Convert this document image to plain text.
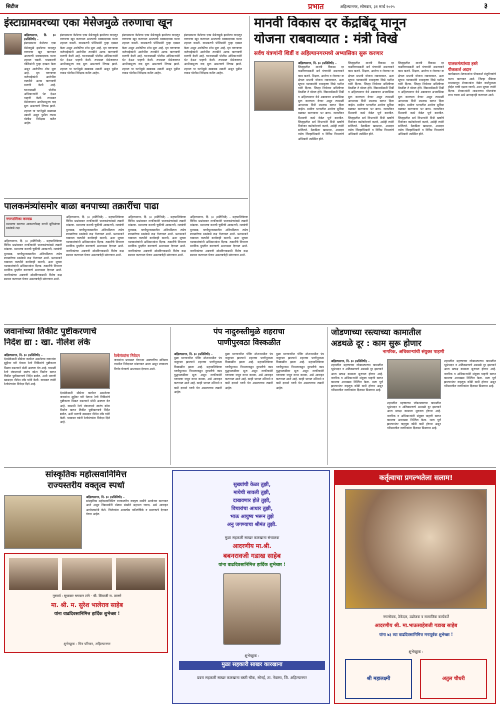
सिटीज	प्रभात	अहिल्यानगर, सोमवार, ३१ मार्च २०२५	३
इंस्टाग्रामवरच्या एका मेसेजमुळे तरुणाचा खून
अहिल्यानगर, दि. ३० (प्रतिनिधी) –
इंस्टाग्रामवर केलेल्या एका मेसेजमुळे झालेल्या वादातून तरुणाचा खून करण्यात आल्याची धक्कादायक घटना शहरात घडली. याप्रकरणी पोलिसांनी गुन्हा दाखल केला असून आरोपींचा शोध सुरू आहे. मृत तरुणाच्या नातेवाईकांनी आरोपींना तातडीने अटक करण्याची मागणी केली आहे. घटनास्थळी पोलीस अधिकाऱ्यांनी भेट देऊन पाहणी केली. तपासात मेसेजवरून आधीपासूनच वाद सुरू असल्याचे निष्पन्न झाले. शहरात या घटनेमुळे खळबळ उडाली असून पुढील तपास पोलीस निरीक्षक करीत आहेत.
इंस्टाग्रामवर केलेल्या एका मेसेजमुळे झालेल्या वादातून तरुणाचा खून करण्यात आल्याची धक्कादायक घटना शहरात घडली. याप्रकरणी पोलिसांनी गुन्हा दाखल केला असून आरोपींचा शोध सुरू आहे. मृत तरुणाच्या नातेवाईकांनी आरोपींना तातडीने अटक करण्याची मागणी केली आहे. घटनास्थळी पोलीस अधिकाऱ्यांनी भेट देऊन पाहणी केली. तपासात मेसेजवरून आधीपासूनच वाद सुरू असल्याचे निष्पन्न झाले. शहरात या घटनेमुळे खळबळ उडाली असून पुढील तपास पोलीस निरीक्षक करीत आहेत.
इंस्टाग्रामवर केलेल्या एका मेसेजमुळे झालेल्या वादातून तरुणाचा खून करण्यात आल्याची धक्कादायक घटना शहरात घडली. याप्रकरणी पोलिसांनी गुन्हा दाखल केला असून आरोपींचा शोध सुरू आहे. मृत तरुणाच्या नातेवाईकांनी आरोपींना तातडीने अटक करण्याची मागणी केली आहे. घटनास्थळी पोलीस अधिकाऱ्यांनी भेट देऊन पाहणी केली. तपासात मेसेजवरून आधीपासूनच वाद सुरू असल्याचे निष्पन्न झाले. शहरात या घटनेमुळे खळबळ उडाली असून पुढील तपास पोलीस निरीक्षक करीत आहेत.
इंस्टाग्रामवर केलेल्या एका मेसेजमुळे झालेल्या वादातून तरुणाचा खून करण्यात आल्याची धक्कादायक घटना शहरात घडली. याप्रकरणी पोलिसांनी गुन्हा दाखल केला असून आरोपींचा शोध सुरू आहे. मृत तरुणाच्या नातेवाईकांनी आरोपींना तातडीने अटक करण्याची मागणी केली आहे. घटनास्थळी पोलीस अधिकाऱ्यांनी भेट देऊन पाहणी केली. तपासात मेसेजवरून आधीपासूनच वाद सुरू असल्याचे निष्पन्न झाले. शहरात या घटनेमुळे खळबळ उडाली असून पुढील तपास पोलीस निरीक्षक करीत आहेत.
मानवी विकास दर केंद्रबिंदू मानून
योजना राबवाव्यात : मंत्री विखे
सर्वच यंत्रणांनी शिर्डी व अहिल्यानगरमध्ये अभ्यासिका सुरू करणार
अहिल्यानगर, दि. ३० (प्रतिनिधी) –
जिल्ह्यातील मानवी विकास दर वाढविण्यासाठी सर्व यंत्रणांनी समन्वयाने काम करावे. शिक्षण, आरोग्य व रोजगार या क्षेत्रात प्रभावी योजना राबवाव्यात, अशा सूचना पालकमंत्री राधाकृष्ण विखे पाटील यांनी दिल्या. जिल्हा नियोजन समितीच्या बैठकीत ते बोलत होते. विद्यार्थ्यांसाठी शिर्डी व अहिल्यानगर येथे अद्ययावत अभ्यासिका सुरू करण्यात येणार असून त्यासाठी आवश्यक निधी उपलब्ध करून दिला जाईल. ग्रामीण भागातील आरोग्य सुविधा बळकट करण्यावर भर द्यावा. जलजीवन मिशनची कामे वेळेत पूर्ण करावीत. जिल्ह्यातील सर्व विभागांनी निधी खर्चाचे नियोजन काटेकोरपणे करावे, असेही त्यांनी सांगितले. बैठकीला खासदार, आमदार तसेच जिल्हाधिकारी व विविध विभागांचे अधिकारी उपस्थित होते.
जिल्ह्यातील मानवी विकास दर वाढविण्यासाठी सर्व यंत्रणांनी समन्वयाने काम करावे. शिक्षण, आरोग्य व रोजगार या क्षेत्रात प्रभावी योजना राबवाव्यात, अशा सूचना पालकमंत्री राधाकृष्ण विखे पाटील यांनी दिल्या. जिल्हा नियोजन समितीच्या बैठकीत ते बोलत होते. विद्यार्थ्यांसाठी शिर्डी व अहिल्यानगर येथे अद्ययावत अभ्यासिका सुरू करण्यात येणार असून त्यासाठी आवश्यक निधी उपलब्ध करून दिला जाईल. ग्रामीण भागातील आरोग्य सुविधा बळकट करण्यावर भर द्यावा. जलजीवन मिशनची कामे वेळेत पूर्ण करावीत. जिल्ह्यातील सर्व विभागांनी निधी खर्चाचे नियोजन काटेकोरपणे करावे, असेही त्यांनी सांगितले. बैठकीला खासदार, आमदार तसेच जिल्हाधिकारी व विविध विभागांचे अधिकारी उपस्थित होते.
जिल्ह्यातील मानवी विकास दर वाढविण्यासाठी सर्व यंत्रणांनी समन्वयाने काम करावे. शिक्षण, आरोग्य व रोजगार या क्षेत्रात प्रभावी योजना राबवाव्यात, अशा सूचना पालकमंत्री राधाकृष्ण विखे पाटील यांनी दिल्या. जिल्हा नियोजन समितीच्या बैठकीत ते बोलत होते. विद्यार्थ्यांसाठी शिर्डी व अहिल्यानगर येथे अद्ययावत अभ्यासिका सुरू करण्यात येणार असून त्यासाठी आवश्यक निधी उपलब्ध करून दिला जाईल. ग्रामीण भागातील आरोग्य सुविधा बळकट करण्यावर भर द्यावा. जलजीवन मिशनची कामे वेळेत पूर्ण करावीत. जिल्ह्यातील सर्व विभागांनी निधी खर्चाचे नियोजन काटेकोरपणे करावे, असेही त्यांनी सांगितले. बैठकीला खासदार, आमदार तसेच जिल्हाधिकारी व विविध विभागांचे अधिकारी उपस्थित होते.
पालकमंत्र्यांच्या हस्ते
पीककर्ज अदान
कार्यक्रमात शेतकऱ्यांना पीककर्ज मंजुरीपत्रांचे वाटप करण्यात आले. जिल्हा बँकेच्या माध्यमातून शेतकऱ्यांना वेळेत कर्जपुरवठा होईल याची दक्षता घ्यावी, अशा सूचना त्यांनी दिल्या. शेतकऱ्यांनी शासनाच्या योजनांचा लाभ घ्यावा असे आवाहनही करण्यात आले.
पालकमंत्र्यांसमोर बाळा बनपाच्या तक्रारींचा पाढा
नगरपालिका करवाढ
मालमत्ता कराच्या आकारणीसह नागरी सुविधांच्या प्रश्नांकडे लक्ष
अहिल्यानगर, दि. ३० (प्रतिनिधी) – महापालिकेच्या विविध प्रश्नांबाबत नागरिकांनी पालकमंत्र्यांकडे तक्रारी मांडल्या. मालमत्ता कराची चुकीची आकारणी, रस्त्यांची दुरवस्था, पाणीपुरवठ्यातील अनियमितता तसेच स्वच्छतेच्या प्रश्नांकडे लक्ष वेधण्यात आले. प्रशासनाने याबाबत तातडीने कार्यवाही करावी, अशा सूचना पालकमंत्र्यांनी अधिकाऱ्यांना दिल्या. तक्रारींचे निवारण ठराविक मुदतीत करण्याचे आश्वासन देण्यात आले. नागरिकांच्या अडचणी सोडविण्यासाठी विशेष कक्ष स्थापन करण्यात येणार असल्याचेही सांगण्यात आले.
अहिल्यानगर, दि. ३० (प्रतिनिधी) – महापालिकेच्या विविध प्रश्नांबाबत नागरिकांनी पालकमंत्र्यांकडे तक्रारी मांडल्या. मालमत्ता कराची चुकीची आकारणी, रस्त्यांची दुरवस्था, पाणीपुरवठ्यातील अनियमितता तसेच स्वच्छतेच्या प्रश्नांकडे लक्ष वेधण्यात आले. प्रशासनाने याबाबत तातडीने कार्यवाही करावी, अशा सूचना पालकमंत्र्यांनी अधिकाऱ्यांना दिल्या. तक्रारींचे निवारण ठराविक मुदतीत करण्याचे आश्वासन देण्यात आले. नागरिकांच्या अडचणी सोडविण्यासाठी विशेष कक्ष स्थापन करण्यात येणार असल्याचेही सांगण्यात आले.
अहिल्यानगर, दि. ३० (प्रतिनिधी) – महापालिकेच्या विविध प्रश्नांबाबत नागरिकांनी पालकमंत्र्यांकडे तक्रारी मांडल्या. मालमत्ता कराची चुकीची आकारणी, रस्त्यांची दुरवस्था, पाणीपुरवठ्यातील अनियमितता तसेच स्वच्छतेच्या प्रश्नांकडे लक्ष वेधण्यात आले. प्रशासनाने याबाबत तातडीने कार्यवाही करावी, अशा सूचना पालकमंत्र्यांनी अधिकाऱ्यांना दिल्या. तक्रारींचे निवारण ठराविक मुदतीत करण्याचे आश्वासन देण्यात आले. नागरिकांच्या अडचणी सोडविण्यासाठी विशेष कक्ष स्थापन करण्यात येणार असल्याचेही सांगण्यात आले.
अहिल्यानगर, दि. ३० (प्रतिनिधी) – महापालिकेच्या विविध प्रश्नांबाबत नागरिकांनी पालकमंत्र्यांकडे तक्रारी मांडल्या. मालमत्ता कराची चुकीची आकारणी, रस्त्यांची दुरवस्था, पाणीपुरवठ्यातील अनियमितता तसेच स्वच्छतेच्या प्रश्नांकडे लक्ष वेधण्यात आले. प्रशासनाने याबाबत तातडीने कार्यवाही करावी, अशा सूचना पालकमंत्र्यांनी अधिकाऱ्यांना दिल्या. तक्रारींचे निवारण ठराविक मुदतीत करण्याचे आश्वासन देण्यात आले. नागरिकांच्या अडचणी सोडविण्यासाठी विशेष कक्ष स्थापन करण्यात येणार असल्याचेही सांगण्यात आले.
जवानांच्या तिकीट पुष्टीकरणाचे
निर्देश द्या : खा. नीलेश लंके
अहिल्यानगर, दि. ३० (प्रतिनिधी) –
देशसेवेसाठी सीमेवर कार्यरत असलेल्या जवानांना सुट्टीवर घरी येताना रेल्वे तिकिटांचे पुष्टीकरण मिळत नसल्याने मोठी अडचण येत आहे. यासाठी रेल्वे मंत्रालयाने स्वतंत्र कोटा निर्माण करून तिकीट पुष्टीकरणाचे निर्देश द्यावेत, अशी मागणी खासदार नीलेश लंके यांनी केली. याबाबत त्यांनी रेल्वेमंत्र्यांना निवेदन दिले आहे.
देशसेवेसाठी सीमेवर कार्यरत असलेल्या जवानांना सुट्टीवर घरी येताना रेल्वे तिकिटांचे पुष्टीकरण मिळत नसल्याने मोठी अडचण येत आहे. यासाठी रेल्वे मंत्रालयाने स्वतंत्र कोटा निर्माण करून तिकीट पुष्टीकरणाचे निर्देश द्यावेत, अशी मागणी खासदार नीलेश लंके यांनी केली. याबाबत त्यांनी रेल्वेमंत्र्यांना निवेदन दिले आहे.
रेल्वेमंत्र्यांना निवेदन
जवानांना प्रवासात येणाऱ्या अडचणींचा सविस्तर तपशील निवेदनात मांडण्यात आला असून लवकरच निर्णय घेण्याचे आश्वासन देण्यात आले.
पंप नादुरुस्तीमुळे शहराचा
पाणीपुरवठा विस्कळीत
अहिल्यानगर, दि. ३० (प्रतिनिधी) –
मुळा धरणावरील पंपिंग स्टेशनमधील पंप नादुरुस्त झाल्याने शहराचा पाणीपुरवठा विस्कळीत झाला आहे. महापालिकेच्या पाणीपुरवठा विभागाकडून दुरुस्तीचे काम युद्धपातळीवर सुरू असून नागरिकांनी पाण्याचा जपून वापर करावा, असे आवाहन करण्यात आले आहे. काही भागात उशिराने व कमी दाबाने पाणी येत असल्याच्या तक्रारी आहेत.
मुळा धरणावरील पंपिंग स्टेशनमधील पंप नादुरुस्त झाल्याने शहराचा पाणीपुरवठा विस्कळीत झाला आहे. महापालिकेच्या पाणीपुरवठा विभागाकडून दुरुस्तीचे काम युद्धपातळीवर सुरू असून नागरिकांनी पाण्याचा जपून वापर करावा, असे आवाहन करण्यात आले आहे. काही भागात उशिराने व कमी दाबाने पाणी येत असल्याच्या तक्रारी आहेत.
मुळा धरणावरील पंपिंग स्टेशनमधील पंप नादुरुस्त झाल्याने शहराचा पाणीपुरवठा विस्कळीत झाला आहे. महापालिकेच्या पाणीपुरवठा विभागाकडून दुरुस्तीचे काम युद्धपातळीवर सुरू असून नागरिकांनी पाण्याचा जपून वापर करावा, असे आवाहन करण्यात आले आहे. काही भागात उशिराने व कमी दाबाने पाणी येत असल्याच्या तक्रारी आहेत.
जोडणाच्या रस्त्याच्या कामातील
अडथळे दूर : काम सुरू होणार
नागरिक, अधिकाऱ्यांची संयुक्त पाहणी
अहिल्यानगर, दि. ३० (प्रतिनिधी) –
शहरातील महत्त्वाच्या जोडरस्त्याच्या कामातील भूसंपादन व अतिक्रमणाचे अडथळे दूर झाल्याने आता प्रत्यक्ष कामाला सुरुवात होणार आहे. नागरिक व अधिकाऱ्यांनी संयुक्त पाहणी करून कामाचा आराखडा निश्चित केला. रस्ता पूर्ण झाल्यानंतर वाहतूक कोंडी कमी होणार असून परिसरातील नागरिकांना दिलासा मिळणार आहे.
शहरातील महत्त्वाच्या जोडरस्त्याच्या कामातील भूसंपादन व अतिक्रमणाचे अडथळे दूर झाल्याने आता प्रत्यक्ष कामाला सुरुवात होणार आहे. नागरिक व अधिकाऱ्यांनी संयुक्त पाहणी करून कामाचा आराखडा निश्चित केला. रस्ता पूर्ण झाल्यानंतर वाहतूक कोंडी कमी होणार असून परिसरातील नागरिकांना दिलासा मिळणार आहे.
शहरातील महत्त्वाच्या जोडरस्त्याच्या कामातील भूसंपादन व अतिक्रमणाचे अडथळे दूर झाल्याने आता प्रत्यक्ष कामाला सुरुवात होणार आहे. नागरिक व अधिकाऱ्यांनी संयुक्त पाहणी करून कामाचा आराखडा निश्चित केला. रस्ता पूर्ण झाल्यानंतर वाहतूक कोंडी कमी होणार असून परिसरातील नागरिकांना दिलासा मिळणार आहे.
सांस्कृतिक महोत्सवानिमित्त
राज्यस्तरीय वक्तृत्व स्पर्धा
अहिल्यानगर, दि. ३० (प्रतिनिधी) –
सांस्कृतिक महोत्सवानिमित्त राज्यस्तरीय वक्तृत्व स्पर्धेचे आयोजन करण्यात आले असून विद्यार्थ्यांनी मोठ्या संख्येने सहभाग घ्यावा, असे आवाहन आयोजकांनी केले. विजेत्यांना आकर्षक पारितोषिके व प्रमाणपत्रे देण्यात येणार आहेत.
गुरुवर्य : सुधाकर भगवान टांगे · श्री. शिवाजी रा. ठाणगे
मा. श्री. म. सुरेश भालेराव साहेब
यांना वाढदिवसानिमित्त हार्दिक शुभेच्छा !
शुभेच्छुक : मित्र परिवार, अहिल्यानगर
सुख्यांची केळा तुझी,
मायेची सावली तुझी,
दाखवणार होते तुझी,
विचारांचा आधार तुझी,
भाऊ आयुष्य भरून तुझे
अनु जगण्याचा श्रीमंत तुझी.
मुळा सहकारी साखर कारखाना संचालक
आदरणीय मा.श्री.
बबनरावजी गडाख साहेब
यांना वाढदिवसानिमित्त हार्दिक शुभेच्छा !
शुभेच्छुक :
मुळा सहकारी साखर कारखाना
प्रवरा सहकारी साखर कारखाना बस्ती चौक, सोनई, ता. नेवासा, जि. अहिल्यानगर
कर्तृत्वाचा प्रगल्भतेला सलाम!
नगरसेवक, ठेकेदार, उद्योजक व सामाजिक कार्यकर्ते
आदरणीय श्री. मा.भाऊसाहेबजी गडाख साहेब
यांना ७३ व्या वाढदिवसानिमित्त मनःपूर्वक शुभेच्छा !
शुभेच्छुक :
श्री महालक्ष्मी	अतुल चौधरी
